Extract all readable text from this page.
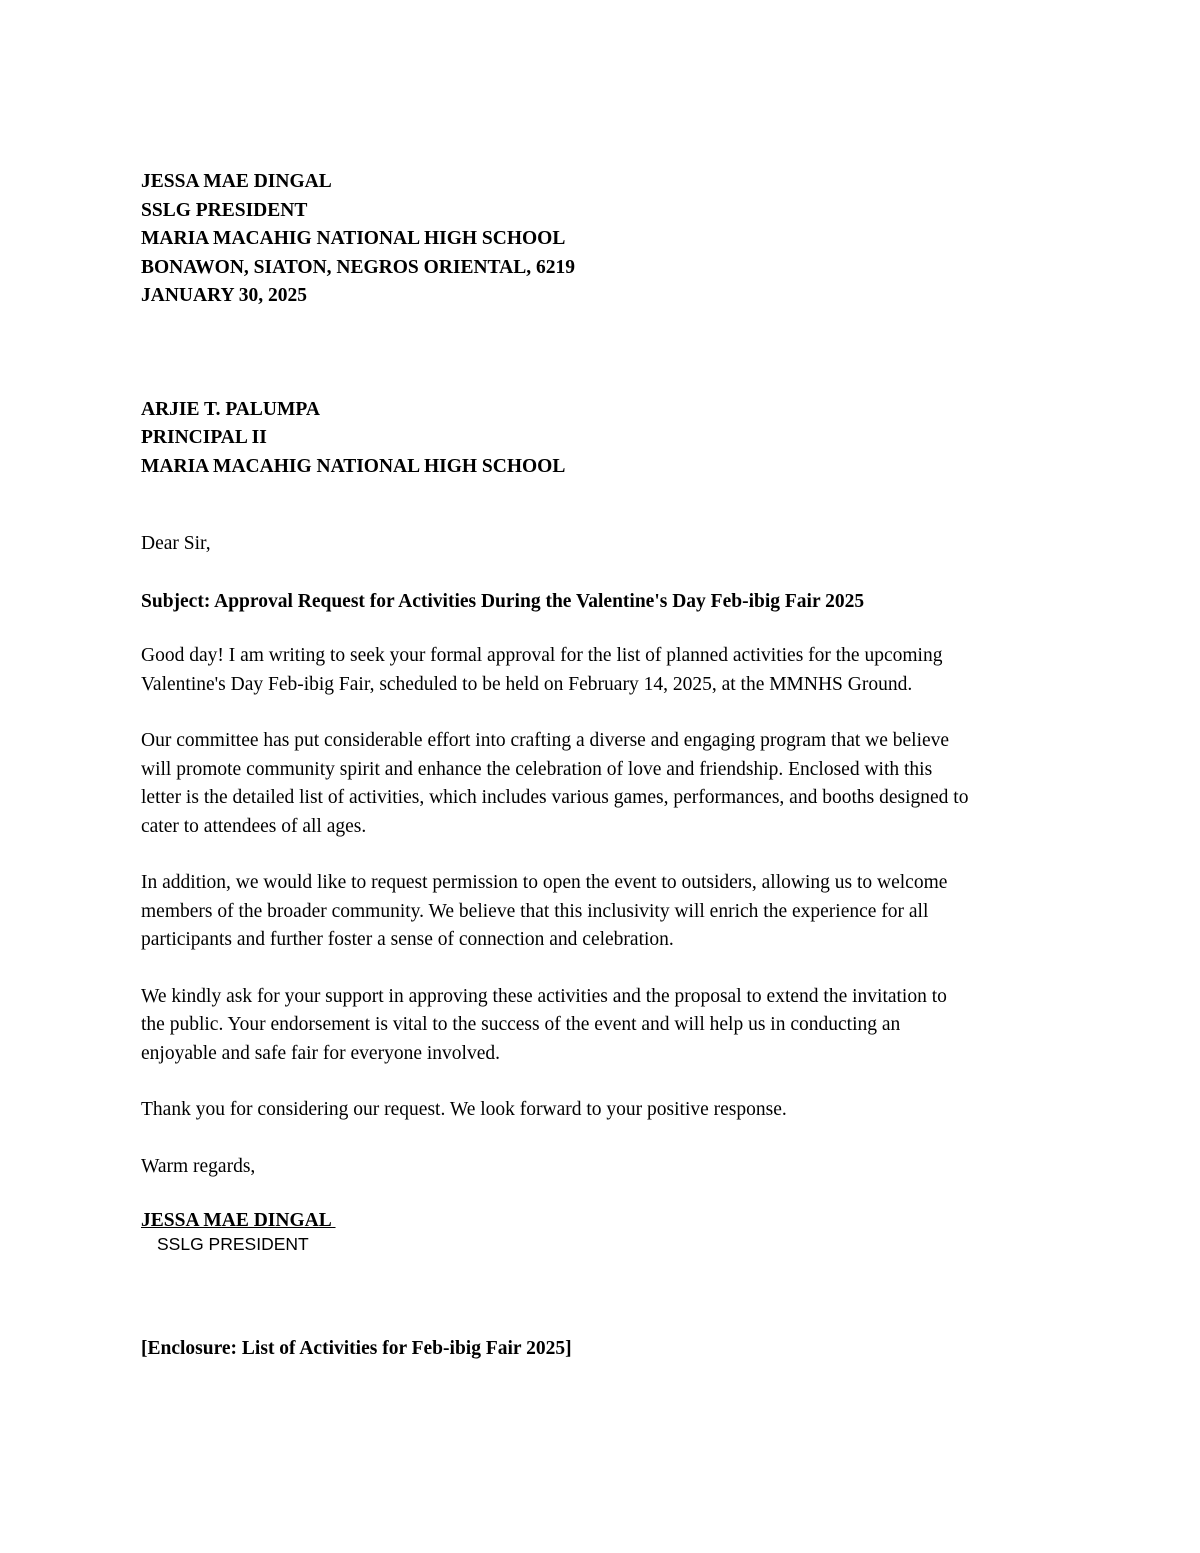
JESSA MAE DINGAL
SSLG PRESIDENT
MARIA MACAHIG NATIONAL HIGH SCHOOL
BONAWON, SIATON, NEGROS ORIENTAL, 6219
JANUARY 30, 2025
ARJIE T. PALUMPA
PRINCIPAL II
MARIA MACAHIG NATIONAL HIGH SCHOOL
Dear Sir,
Subject: Approval Request for Activities During the Valentine's Day Feb-ibig Fair 2025
Good day! I am writing to seek your formal approval for the list of planned activities for the upcoming
Valentine's Day Feb-ibig Fair, scheduled to be held on February 14, 2025, at the MMNHS Ground.
Our committee has put considerable effort into crafting a diverse and engaging program that we believe
will promote community spirit and enhance the celebration of love and friendship. Enclosed with this
letter is the detailed list of activities, which includes various games, performances, and booths designed to
cater to attendees of all ages.
In addition, we would like to request permission to open the event to outsiders, allowing us to welcome
members of the broader community. We believe that this inclusivity will enrich the experience for all
participants and further foster a sense of connection and celebration.
We kindly ask for your support in approving these activities and the proposal to extend the invitation to
the public. Your endorsement is vital to the success of the event and will help us in conducting an
enjoyable and safe fair for everyone involved.
Thank you for considering our request. We look forward to your positive response.
Warm regards,
JESSA MAE DINGAL
SSLG PRESIDENT
[Enclosure: List of Activities for Feb-ibig Fair 2025]
